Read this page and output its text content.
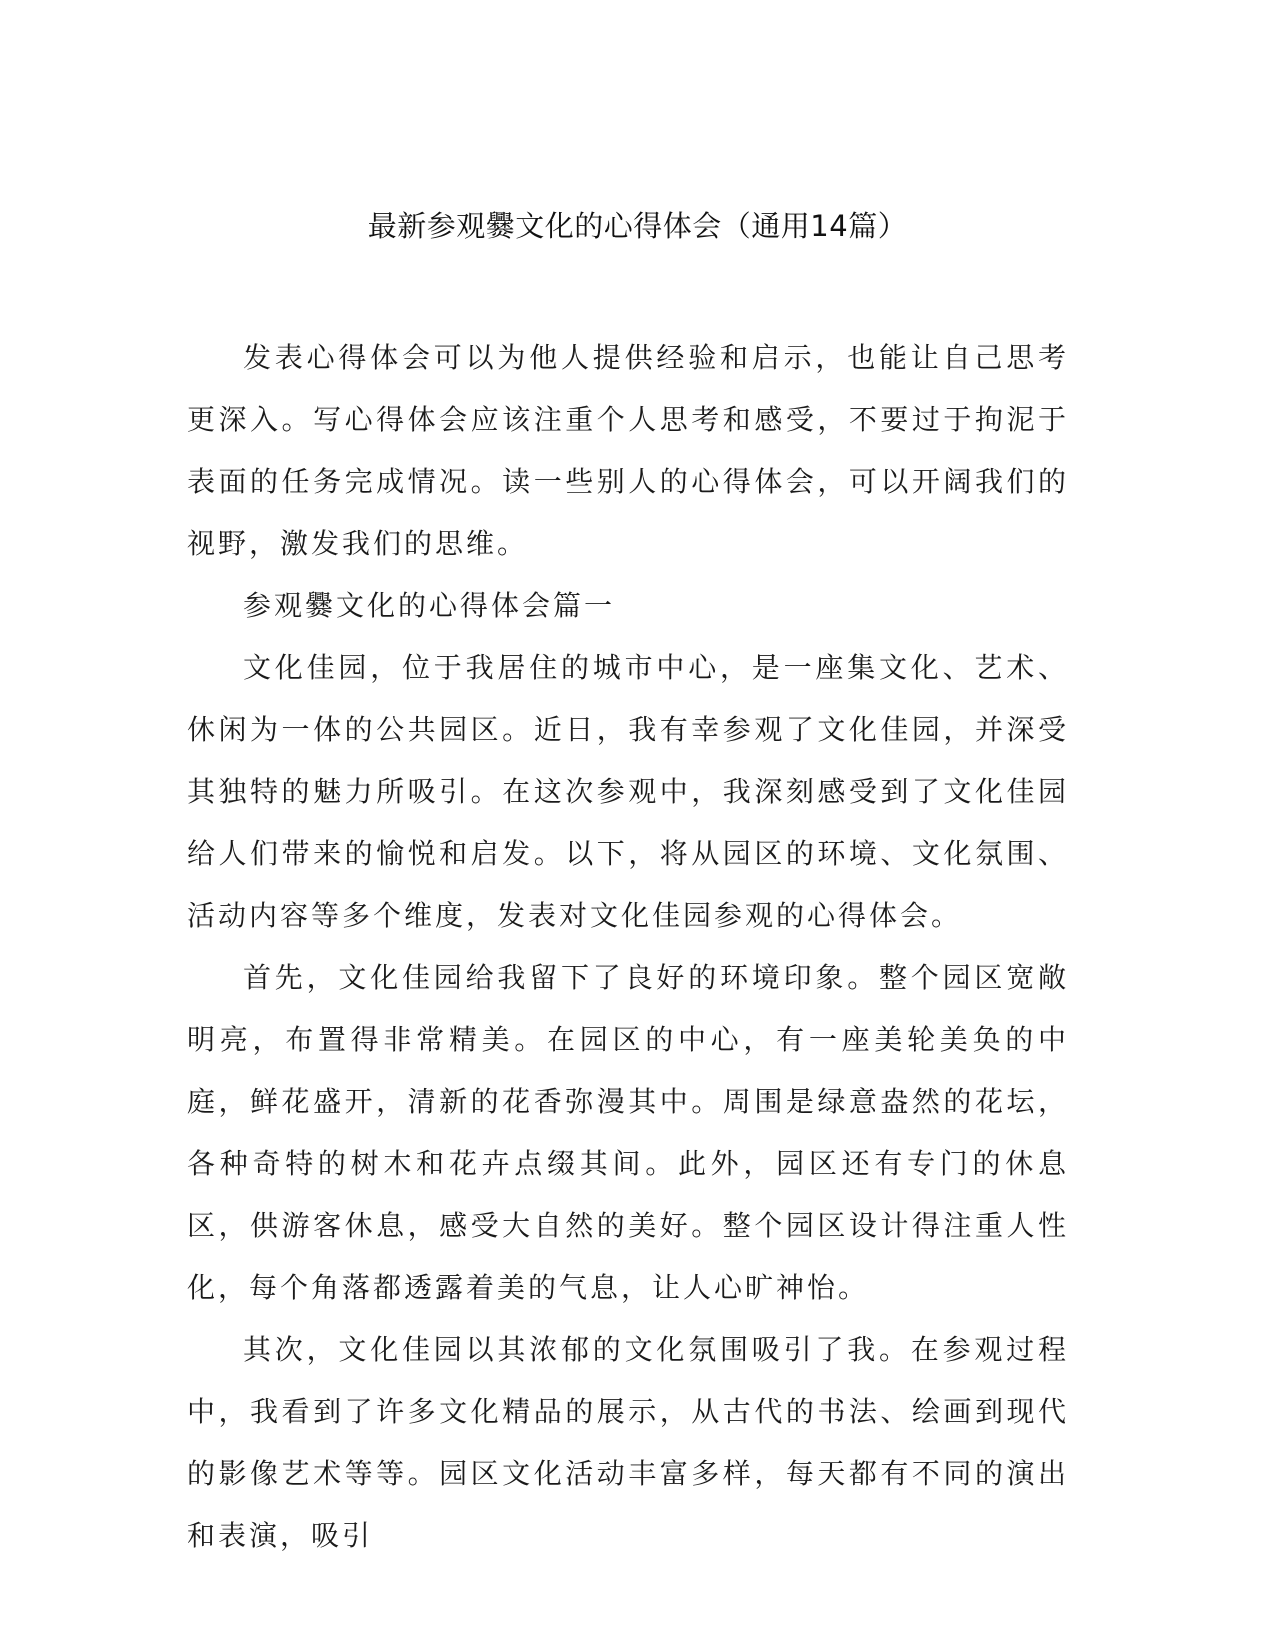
最新参观爨文化的心得体会（通用14篇）

发表心得体会可以为他人提供经验和启示，也能让自己思考更深入。写心得体会应该注重个人思考和感受，不要过于拘泥于表面的任务完成情况。读一些别人的心得体会，可以开阔我们的视野，激发我们的思维。

参观爨文化的心得体会篇一

文化佳园，位于我居住的城市中心，是一座集文化、艺术、休闲为一体的公共园区。近日，我有幸参观了文化佳园，并深受其独特的魅力所吸引。在这次参观中，我深刻感受到了文化佳园给人们带来的愉悦和启发。以下，将从园区的环境、文化氛围、活动内容等多个维度，发表对文化佳园参观的心得体会。

首先，文化佳园给我留下了良好的环境印象。整个园区宽敞明亮，布置得非常精美。在园区的中心，有一座美轮美奂的中庭，鲜花盛开，清新的花香弥漫其中。周围是绿意盎然的花坛，各种奇特的树木和花卉点缀其间。此外，园区还有专门的休息区，供游客休息，感受大自然的美好。整个园区设计得注重人性化，每个角落都透露着美的气息，让人心旷神怡。

其次，文化佳园以其浓郁的文化氛围吸引了我。在参观过程中，我看到了许多文化精品的展示，从古代的书法、绘画到现代的影像艺术等等。园区文化活动丰富多样，每天都有不同的演出和表演，吸引
